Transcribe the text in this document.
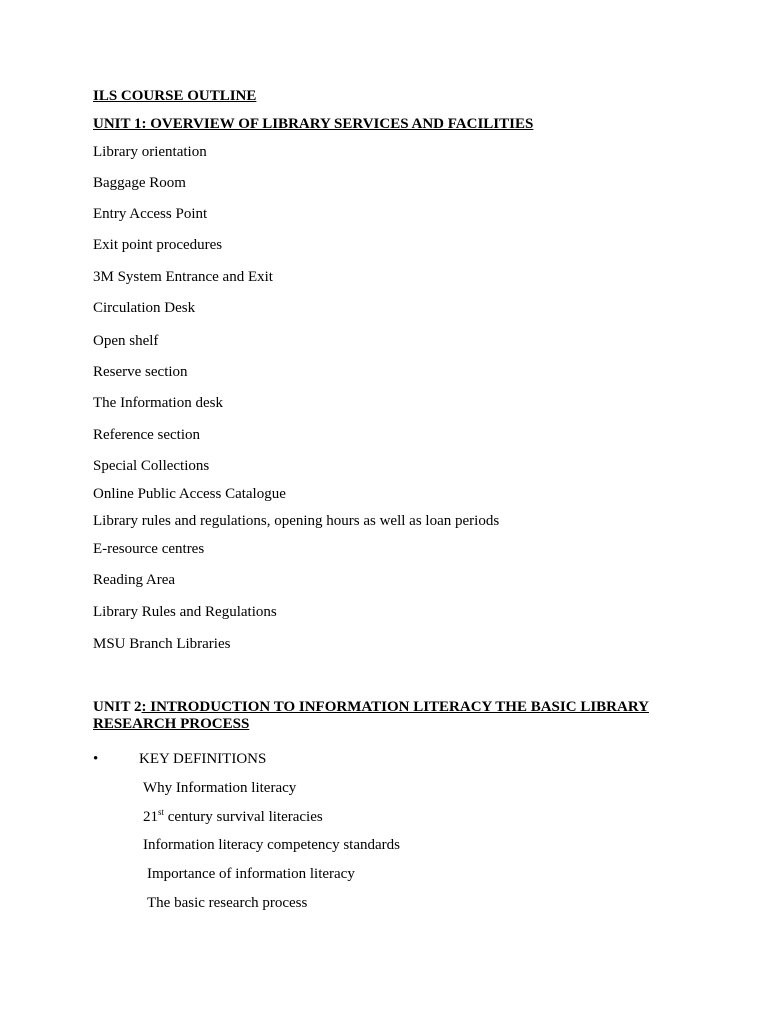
ILS COURSE OUTLINE
UNIT 1: OVERVIEW OF LIBRARY SERVICES AND FACILITIES
Library orientation
Baggage Room
Entry Access Point
Exit point procedures
3M System Entrance and Exit
Circulation Desk
Open shelf
Reserve section
The Information desk
Reference section
Special Collections
Online Public Access Catalogue
Library rules and regulations, opening hours as well as loan periods
E-resource centres
Reading Area
Library Rules and Regulations
MSU Branch Libraries
UNIT 2: INTRODUCTION TO INFORMATION LITERACY THE BASIC LIBRARY RESEARCH PROCESS
•	KEY DEFINITIONS
Why Information literacy
21st century survival literacies
Information literacy competency standards
Importance of information literacy
The basic research process
